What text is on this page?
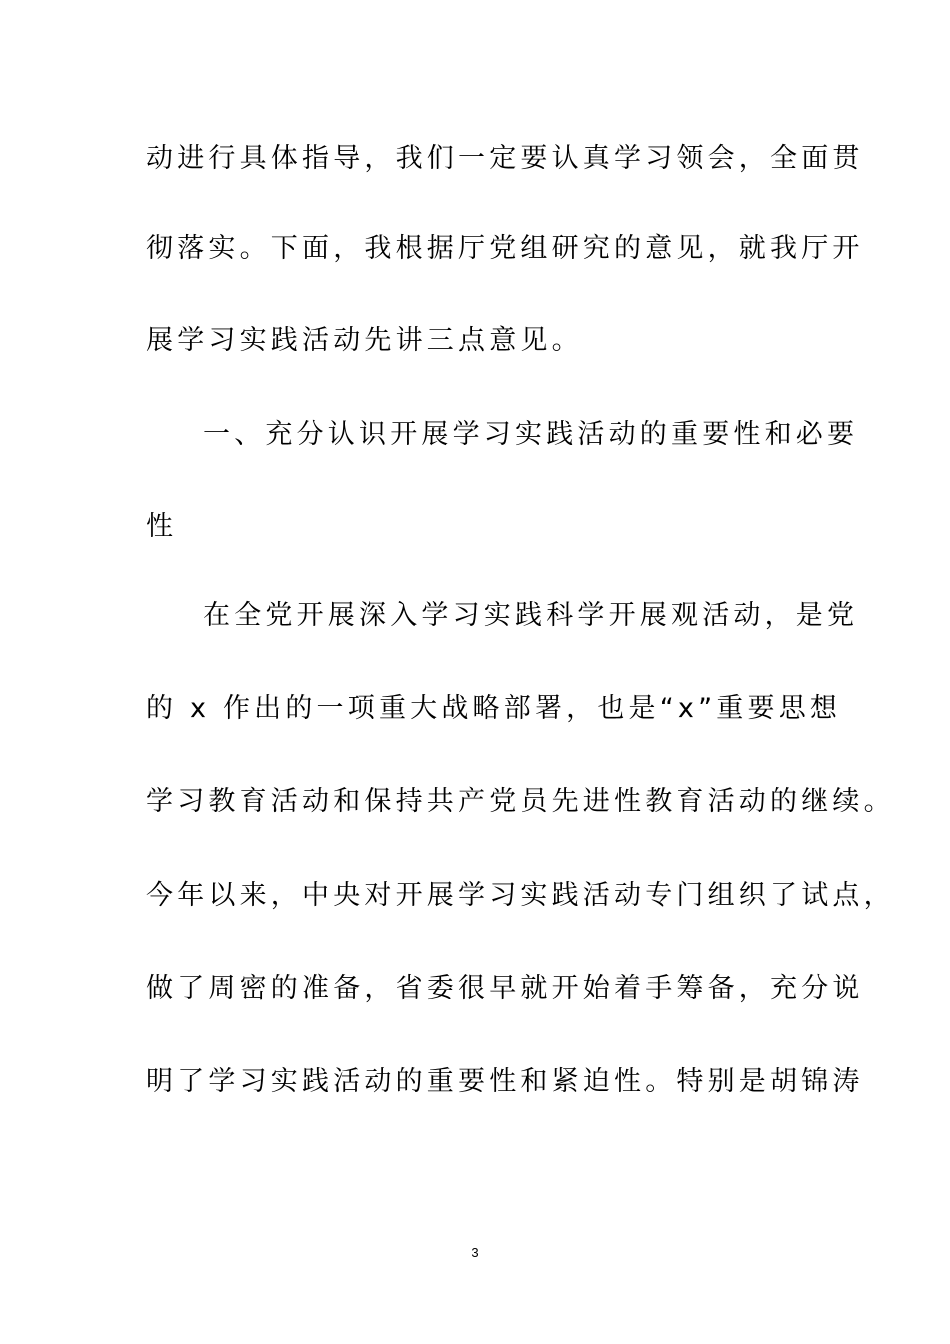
动进行具体指导，我们一定要认真学习领会，全面贯
彻落实。下面，我根据厅党组研究的意见，就我厅开
展学习实践活动先讲三点意见。
一、充分认识开展学习实践活动的重要性和必要
性
在全党开展深入学习实践科学开展观活动，是党
的 x 作出的一项重大战略部署，也是“x”重要思想
学习教育活动和保持共产党员先进性教育活动的继续。
今年以来，中央对开展学习实践活动专门组织了试点，
做了周密的准备，省委很早就开始着手筹备，充分说
明了学习实践活动的重要性和紧迫性。特别是胡锦涛
3
